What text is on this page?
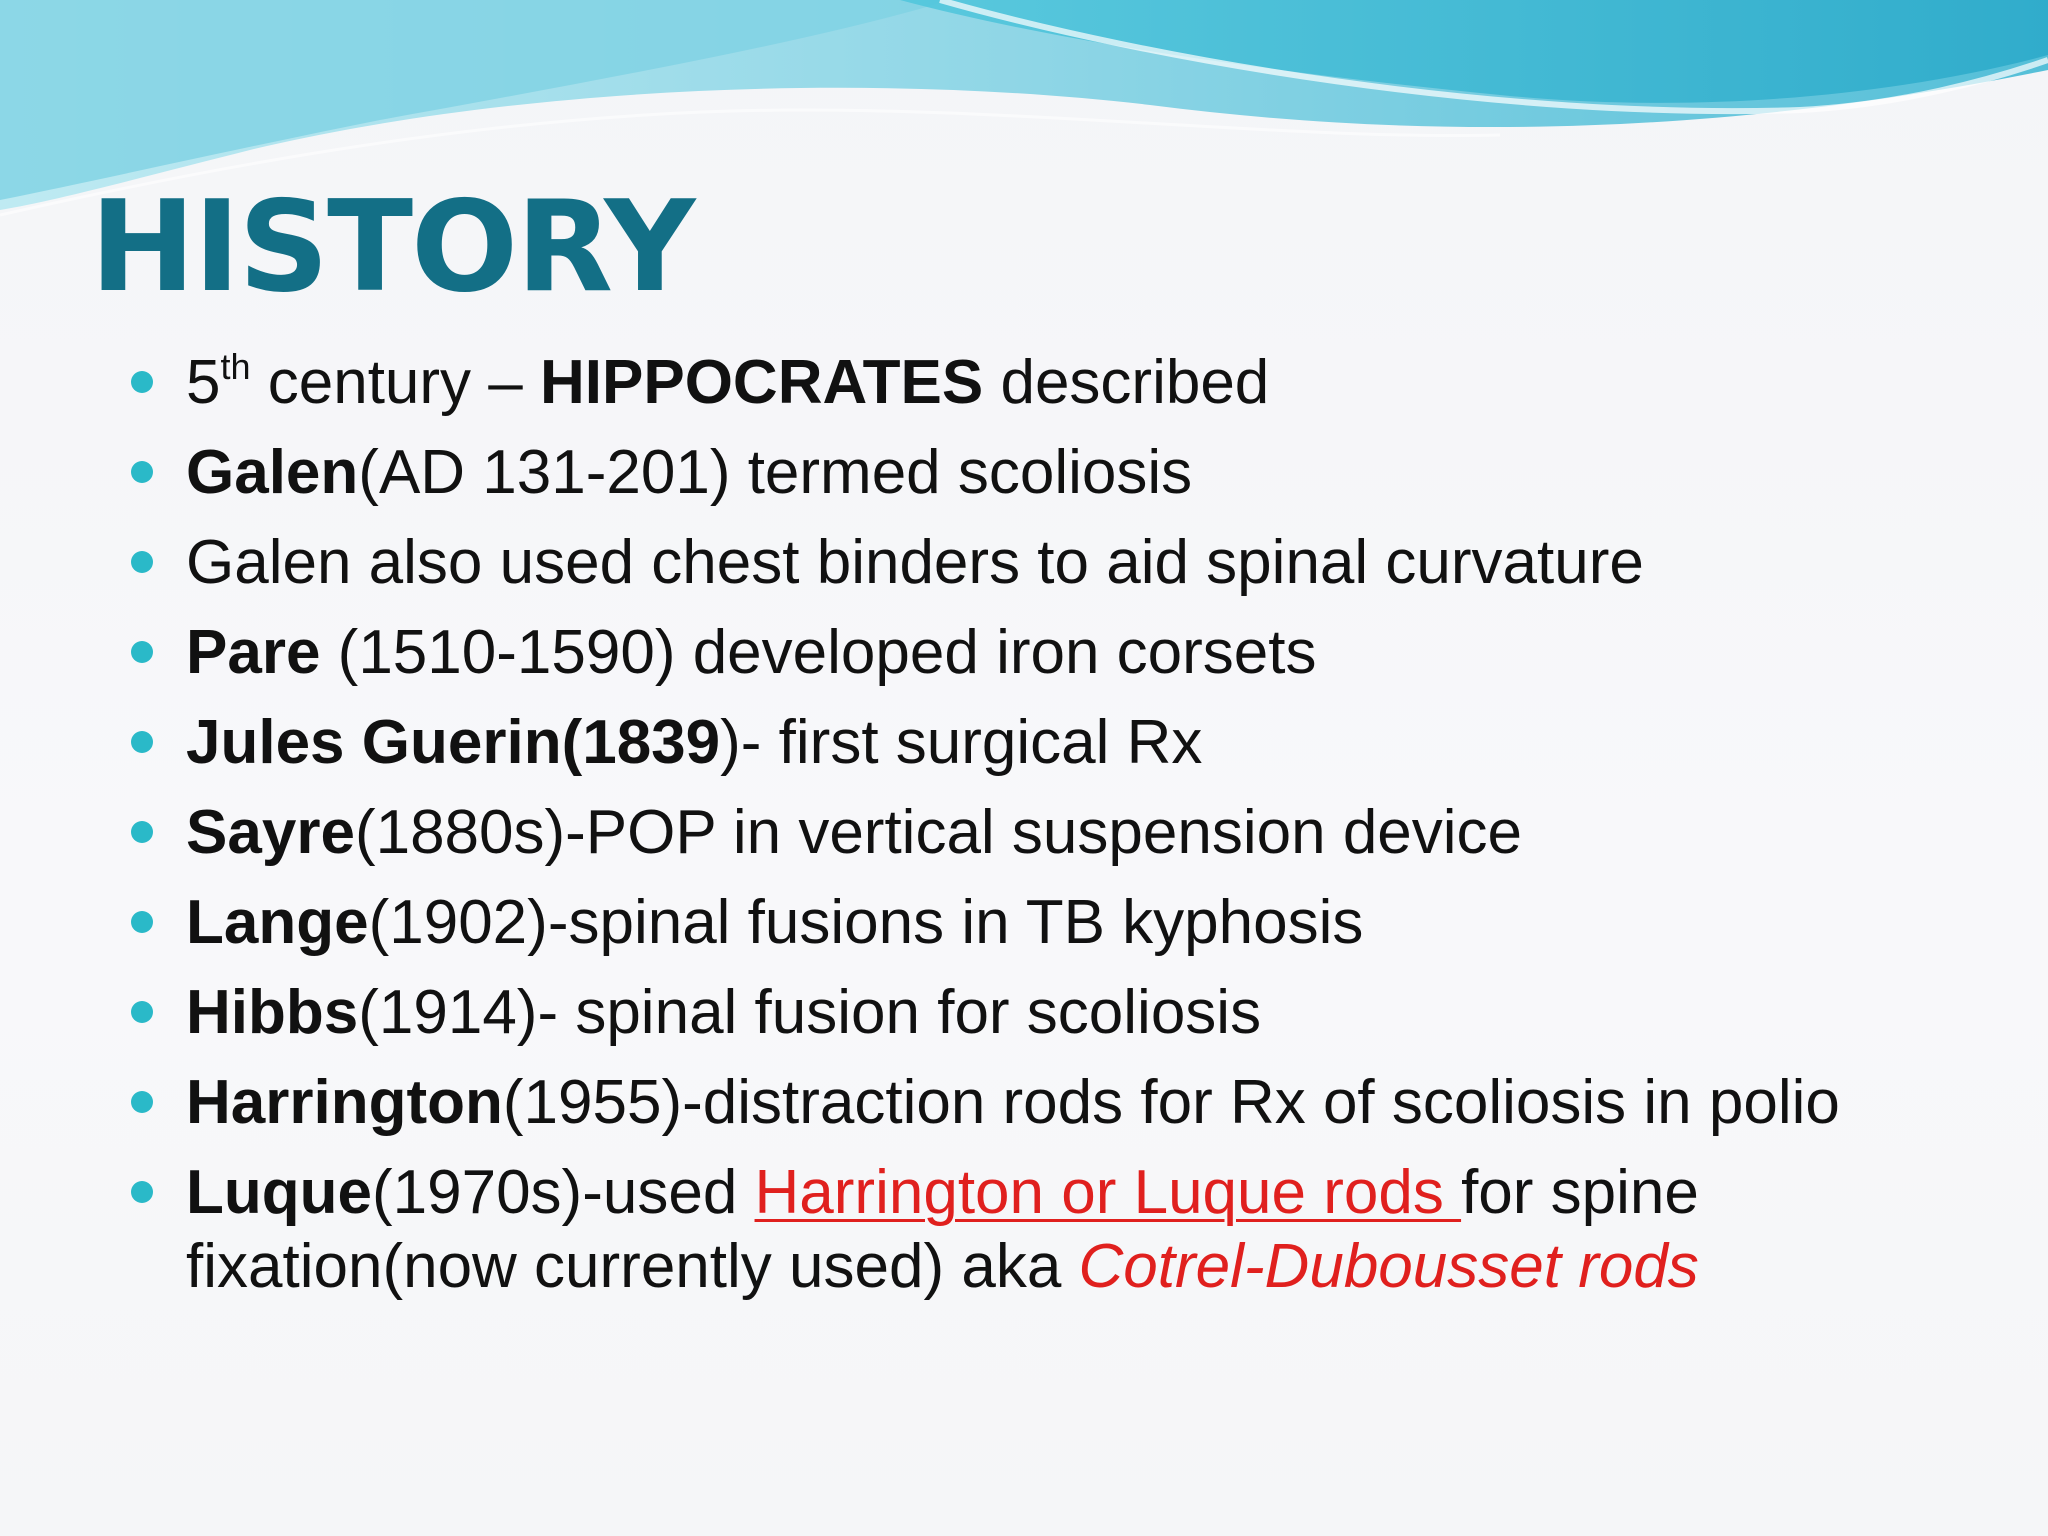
HISTORY
5th century – HIPPOCRATES described
Galen(AD 131-201) termed scoliosis
Galen also used chest binders to aid spinal curvature
Pare (1510-1590) developed iron corsets
Jules Guerin(1839)- first surgical Rx
Sayre(1880s)-POP in vertical suspension device
Lange(1902)-spinal fusions in TB kyphosis
Hibbs(1914)- spinal fusion for scoliosis
Harrington(1955)-distraction rods for Rx of scoliosis in polio
Luque(1970s)-used Harrington or Luque rods for spine fixation(now currently used) aka Cotrel-Dubousset rods
